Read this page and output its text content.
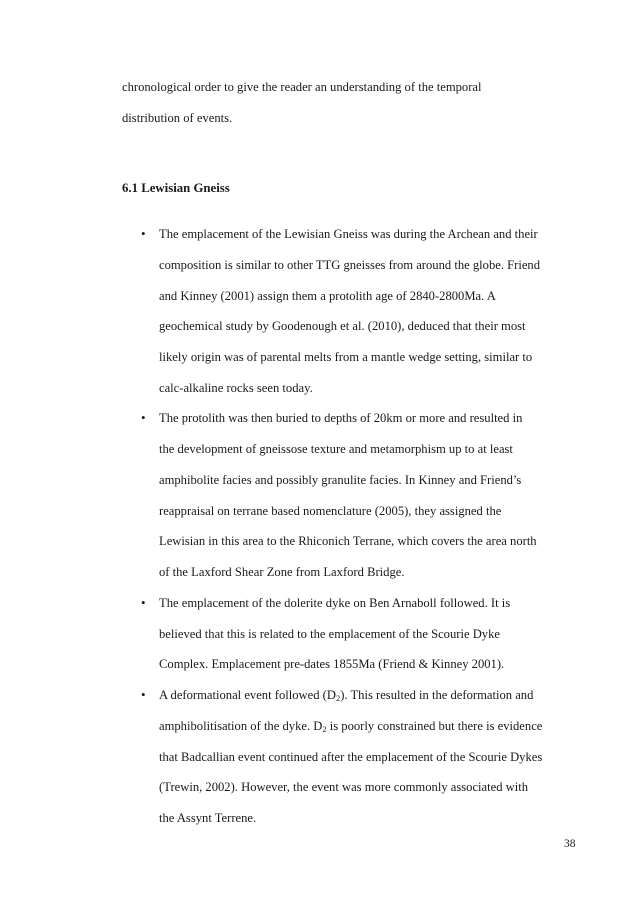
chronological order to give the reader an understanding of the temporal
distribution of events.
6.1 Lewisian Gneiss
• The emplacement of the Lewisian Gneiss was during the Archean and their
composition is similar to other TTG gneisses from around the globe. Friend
and Kinney (2001) assign them a protolith age of 2840-2800Ma. A
geochemical study by Goodenough et al. (2010), deduced that their most
likely origin was of parental melts from a mantle wedge setting, similar to
calc-alkaline rocks seen today.
• The protolith was then buried to depths of 20km or more and resulted in
the development of gneissose texture and metamorphism up to at least
amphibolite facies and possibly granulite facies. In Kinney and Friend’s
reappraisal on terrane based nomenclature (2005), they assigned the
Lewisian in this area to the Rhiconich Terrane, which covers the area north
of the Laxford Shear Zone from Laxford Bridge.
• The emplacement of the dolerite dyke on Ben Arnaboll followed. It is
believed that this is related to the emplacement of the Scourie Dyke
Complex. Emplacement pre-dates 1855Ma (Friend & Kinney 2001).
• A deformational event followed $(D_2)$. This resulted in the deformation and
amphibolitisation of the dyke. $D_2$ is poorly constrained but there is evidence
that Badcallian event continued after the emplacement of the Scourie Dykes
(Trewin, 2002). However, the event was more commonly associated with
the Assynt Terrene.
38
